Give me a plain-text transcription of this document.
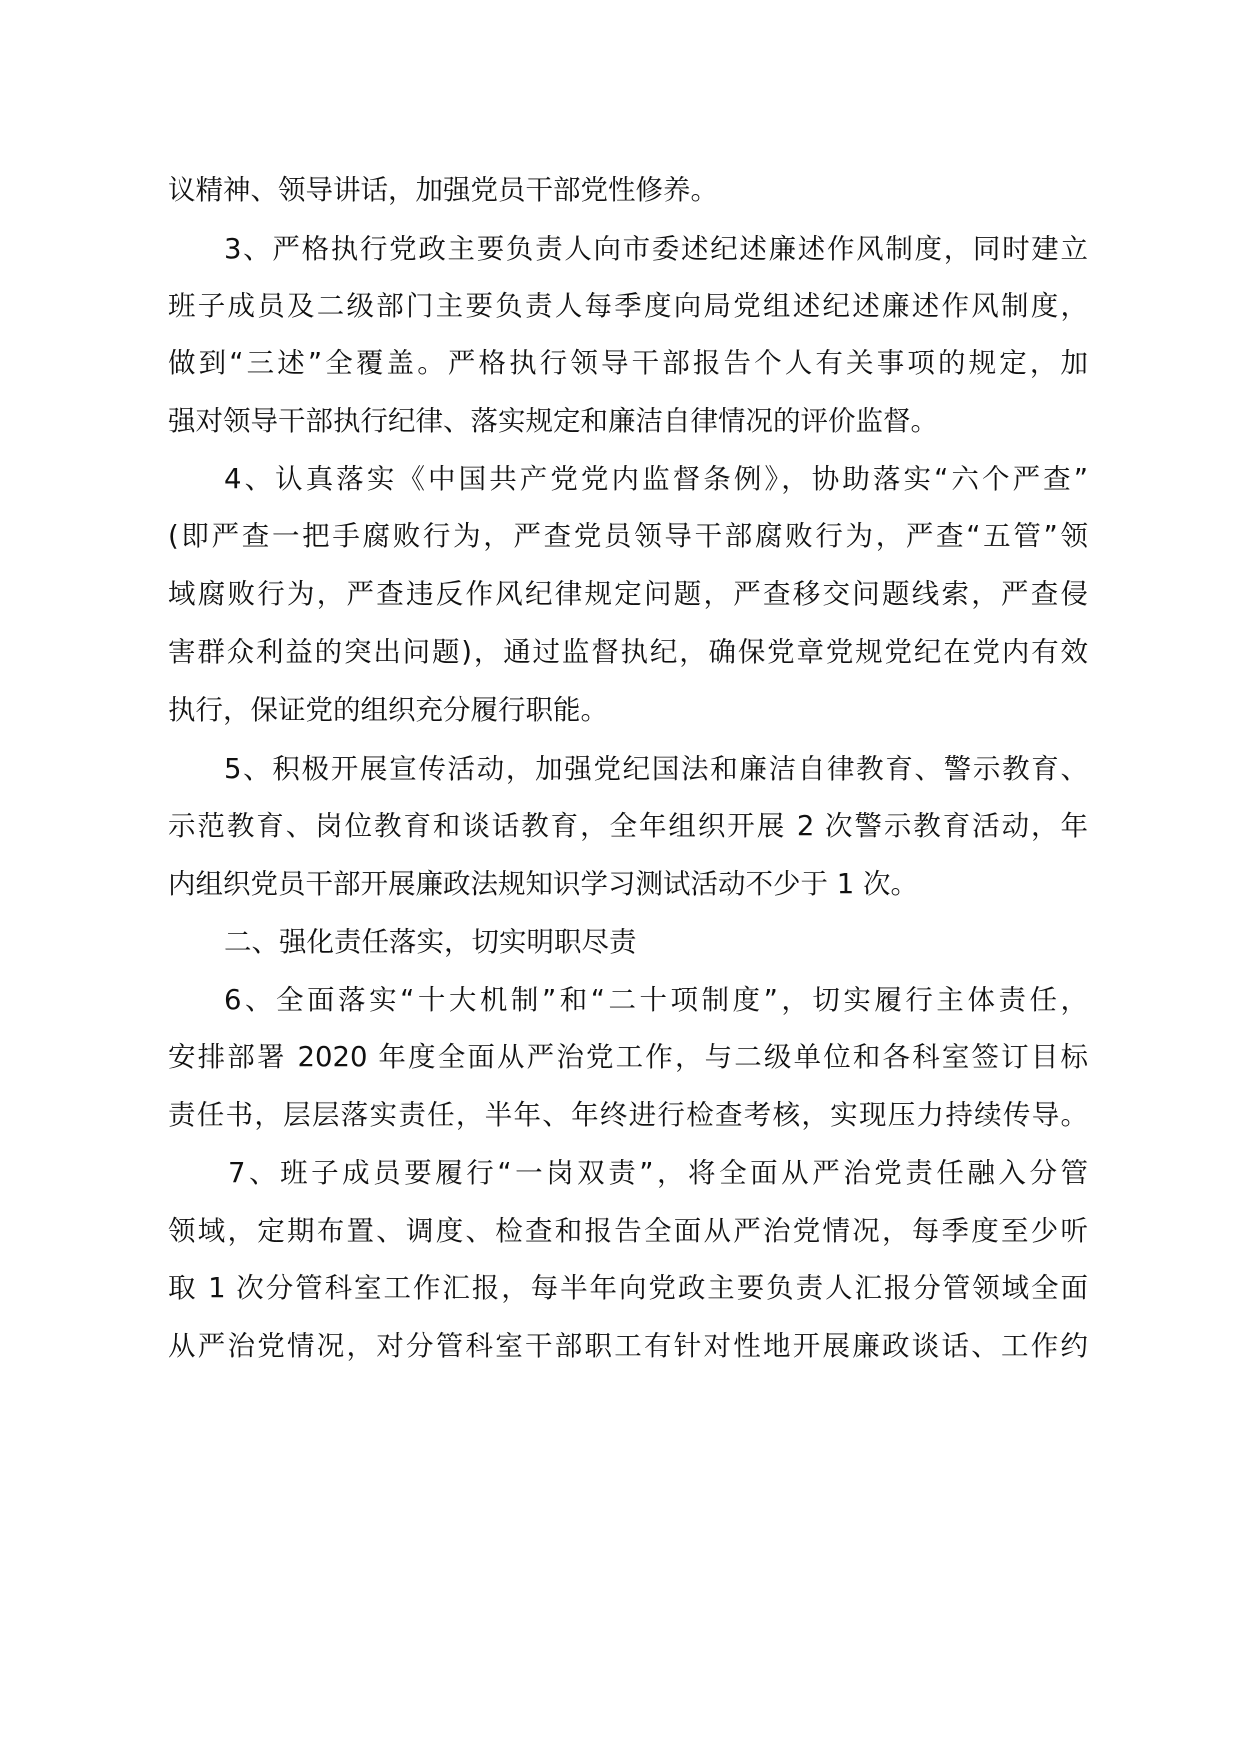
议精神、领导讲话，加强党员干部党性修养。
3、严格执行党政主要负责人向市委述纪述廉述作风制度，同时建立
班子成员及二级部门主要负责人每季度向局党组述纪述廉述作风制度，
做到“三述”全覆盖。严格执行领导干部报告个人有关事项的规定，加
强对领导干部执行纪律、落实规定和廉洁自律情况的评价监督。
4、认真落实《中国共产党党内监督条例》，协助落实“六个严查”
(即严查一把手腐败行为，严查党员领导干部腐败行为，严查“五管”领
域腐败行为，严查违反作风纪律规定问题，严查移交问题线索，严查侵
害群众利益的突出问题)，通过监督执纪，确保党章党规党纪在党内有效
执行，保证党的组织充分履行职能。
5、积极开展宣传活动，加强党纪国法和廉洁自律教育、警示教育、
示范教育、岗位教育和谈话教育，全年组织开展 2 次警示教育活动，年
内组织党员干部开展廉政法规知识学习测试活动不少于 1 次。
二、强化责任落实，切实明职尽责
6、全面落实“十大机制”和“二十项制度”，切实履行主体责任，
安排部署 2020 年度全面从严治党工作，与二级单位和各科室签订目标
责任书，层层落实责任，半年、年终进行检查考核，实现压力持续传导。
7、班子成员要履行“一岗双责”，将全面从严治党责任融入分管
领域，定期布置、调度、检查和报告全面从严治党情况，每季度至少听
取 1 次分管科室工作汇报，每半年向党政主要负责人汇报分管领域全面
从严治党情况，对分管科室干部职工有针对性地开展廉政谈话、工作约
